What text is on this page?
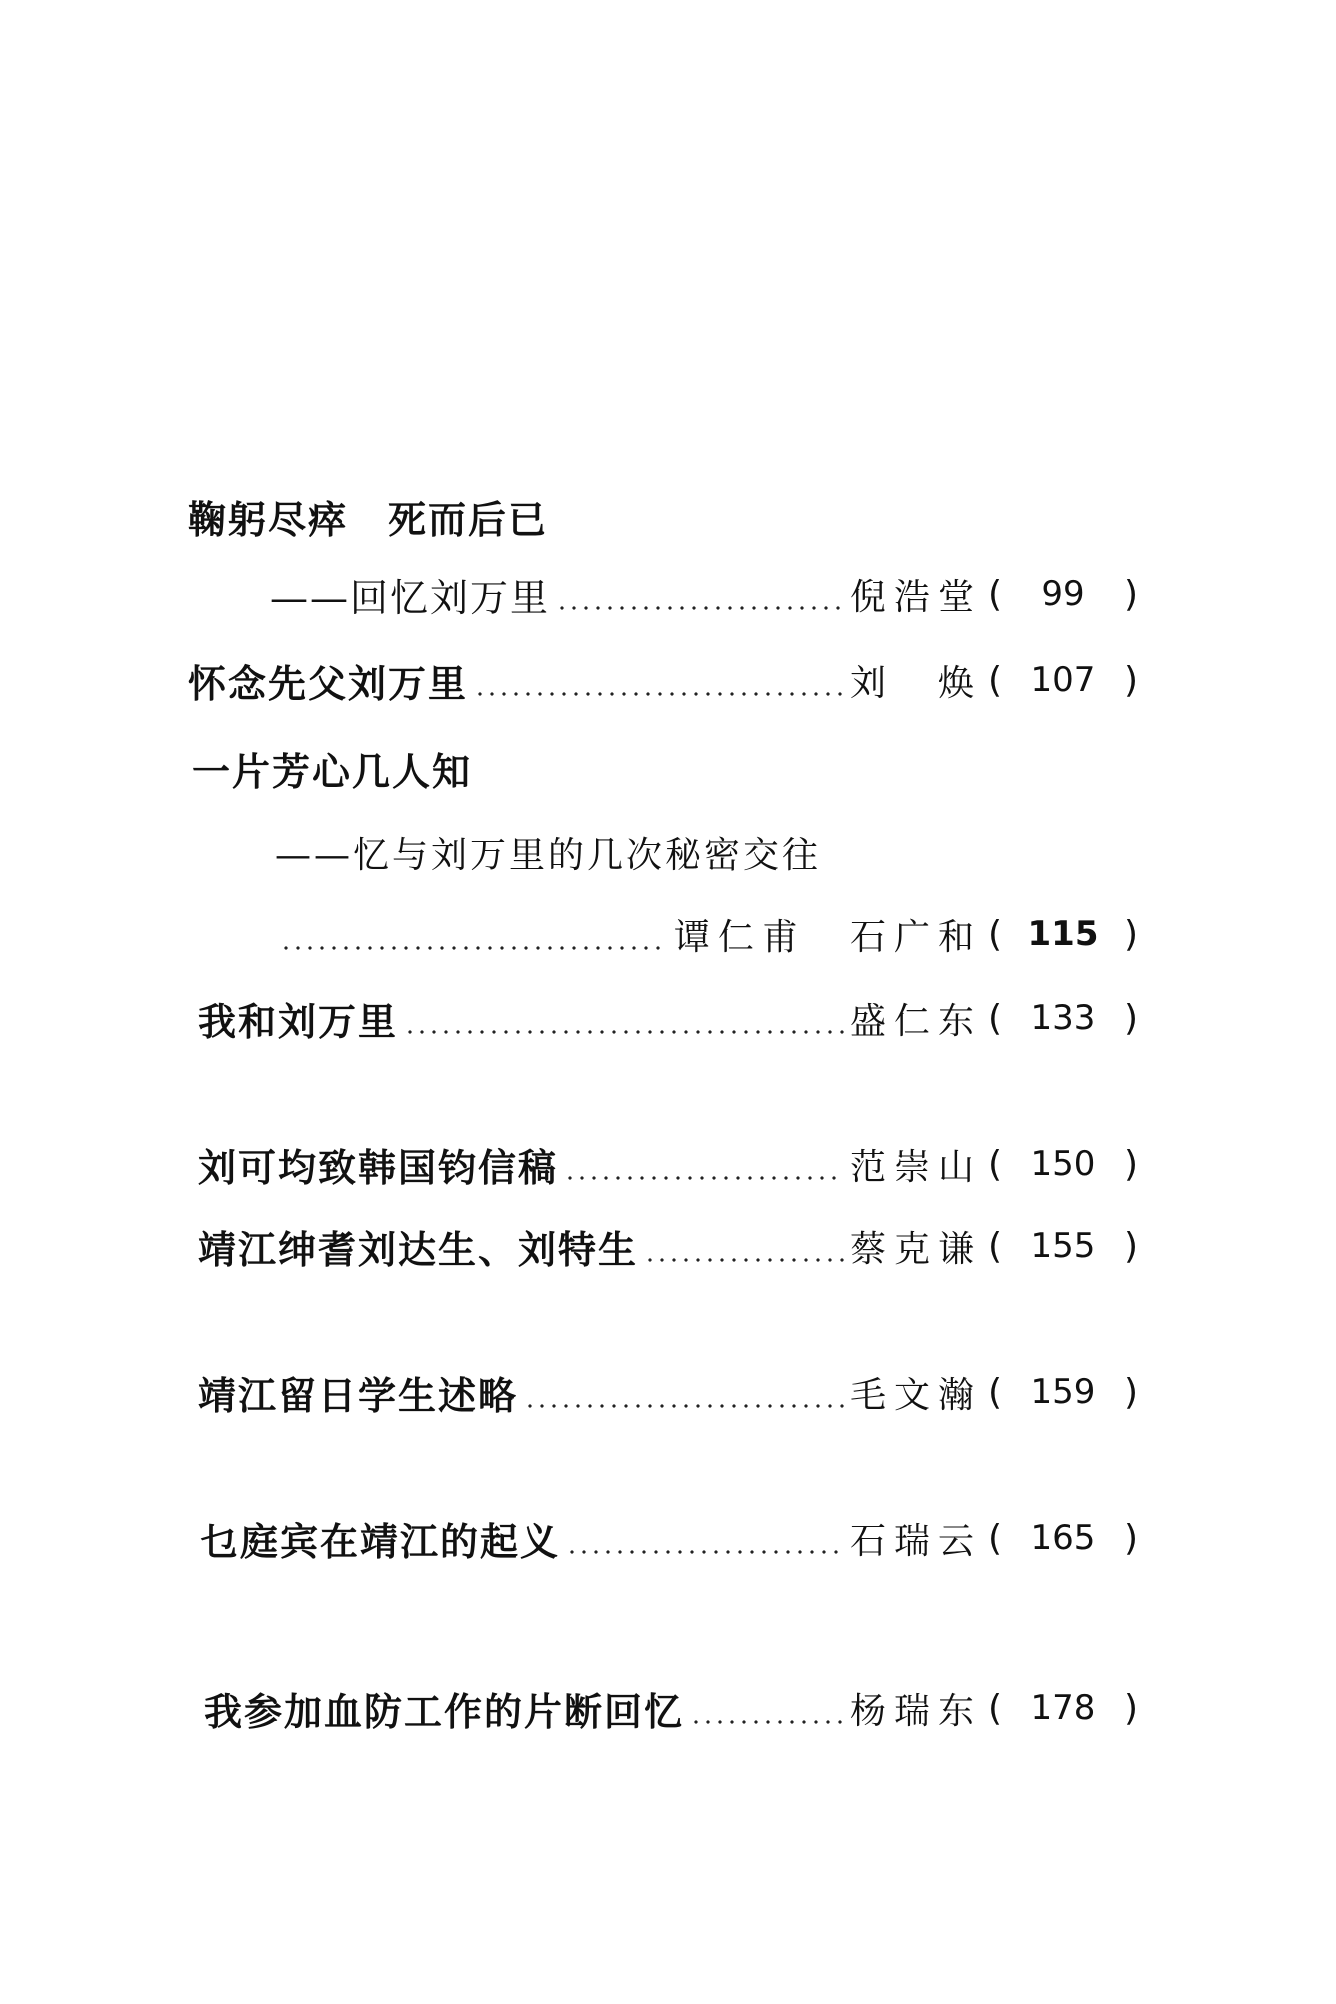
鞠躬尽瘁　死而后已
——回忆刘万里	倪浩堂 (	99	)
怀念先父刘万里	刘　焕 ( 107 )
一片芳心几人知
——忆与刘万里的几次秘密交往
谭仁甫　石广和 ( 115 )
我和刘万里	盛仁东 ( 133 )
刘可均致韩国钧信稿	范崇山 ( 150 )
靖江绅耆刘达生、刘特生	蔡克谦 ( 155 )
靖江留日学生述略	毛文瀚 ( 159 )
乜庭宾在靖江的起义	石瑞云 ( 165 )
我参加血防工作的片断回忆	杨瑞东 ( 178 )
